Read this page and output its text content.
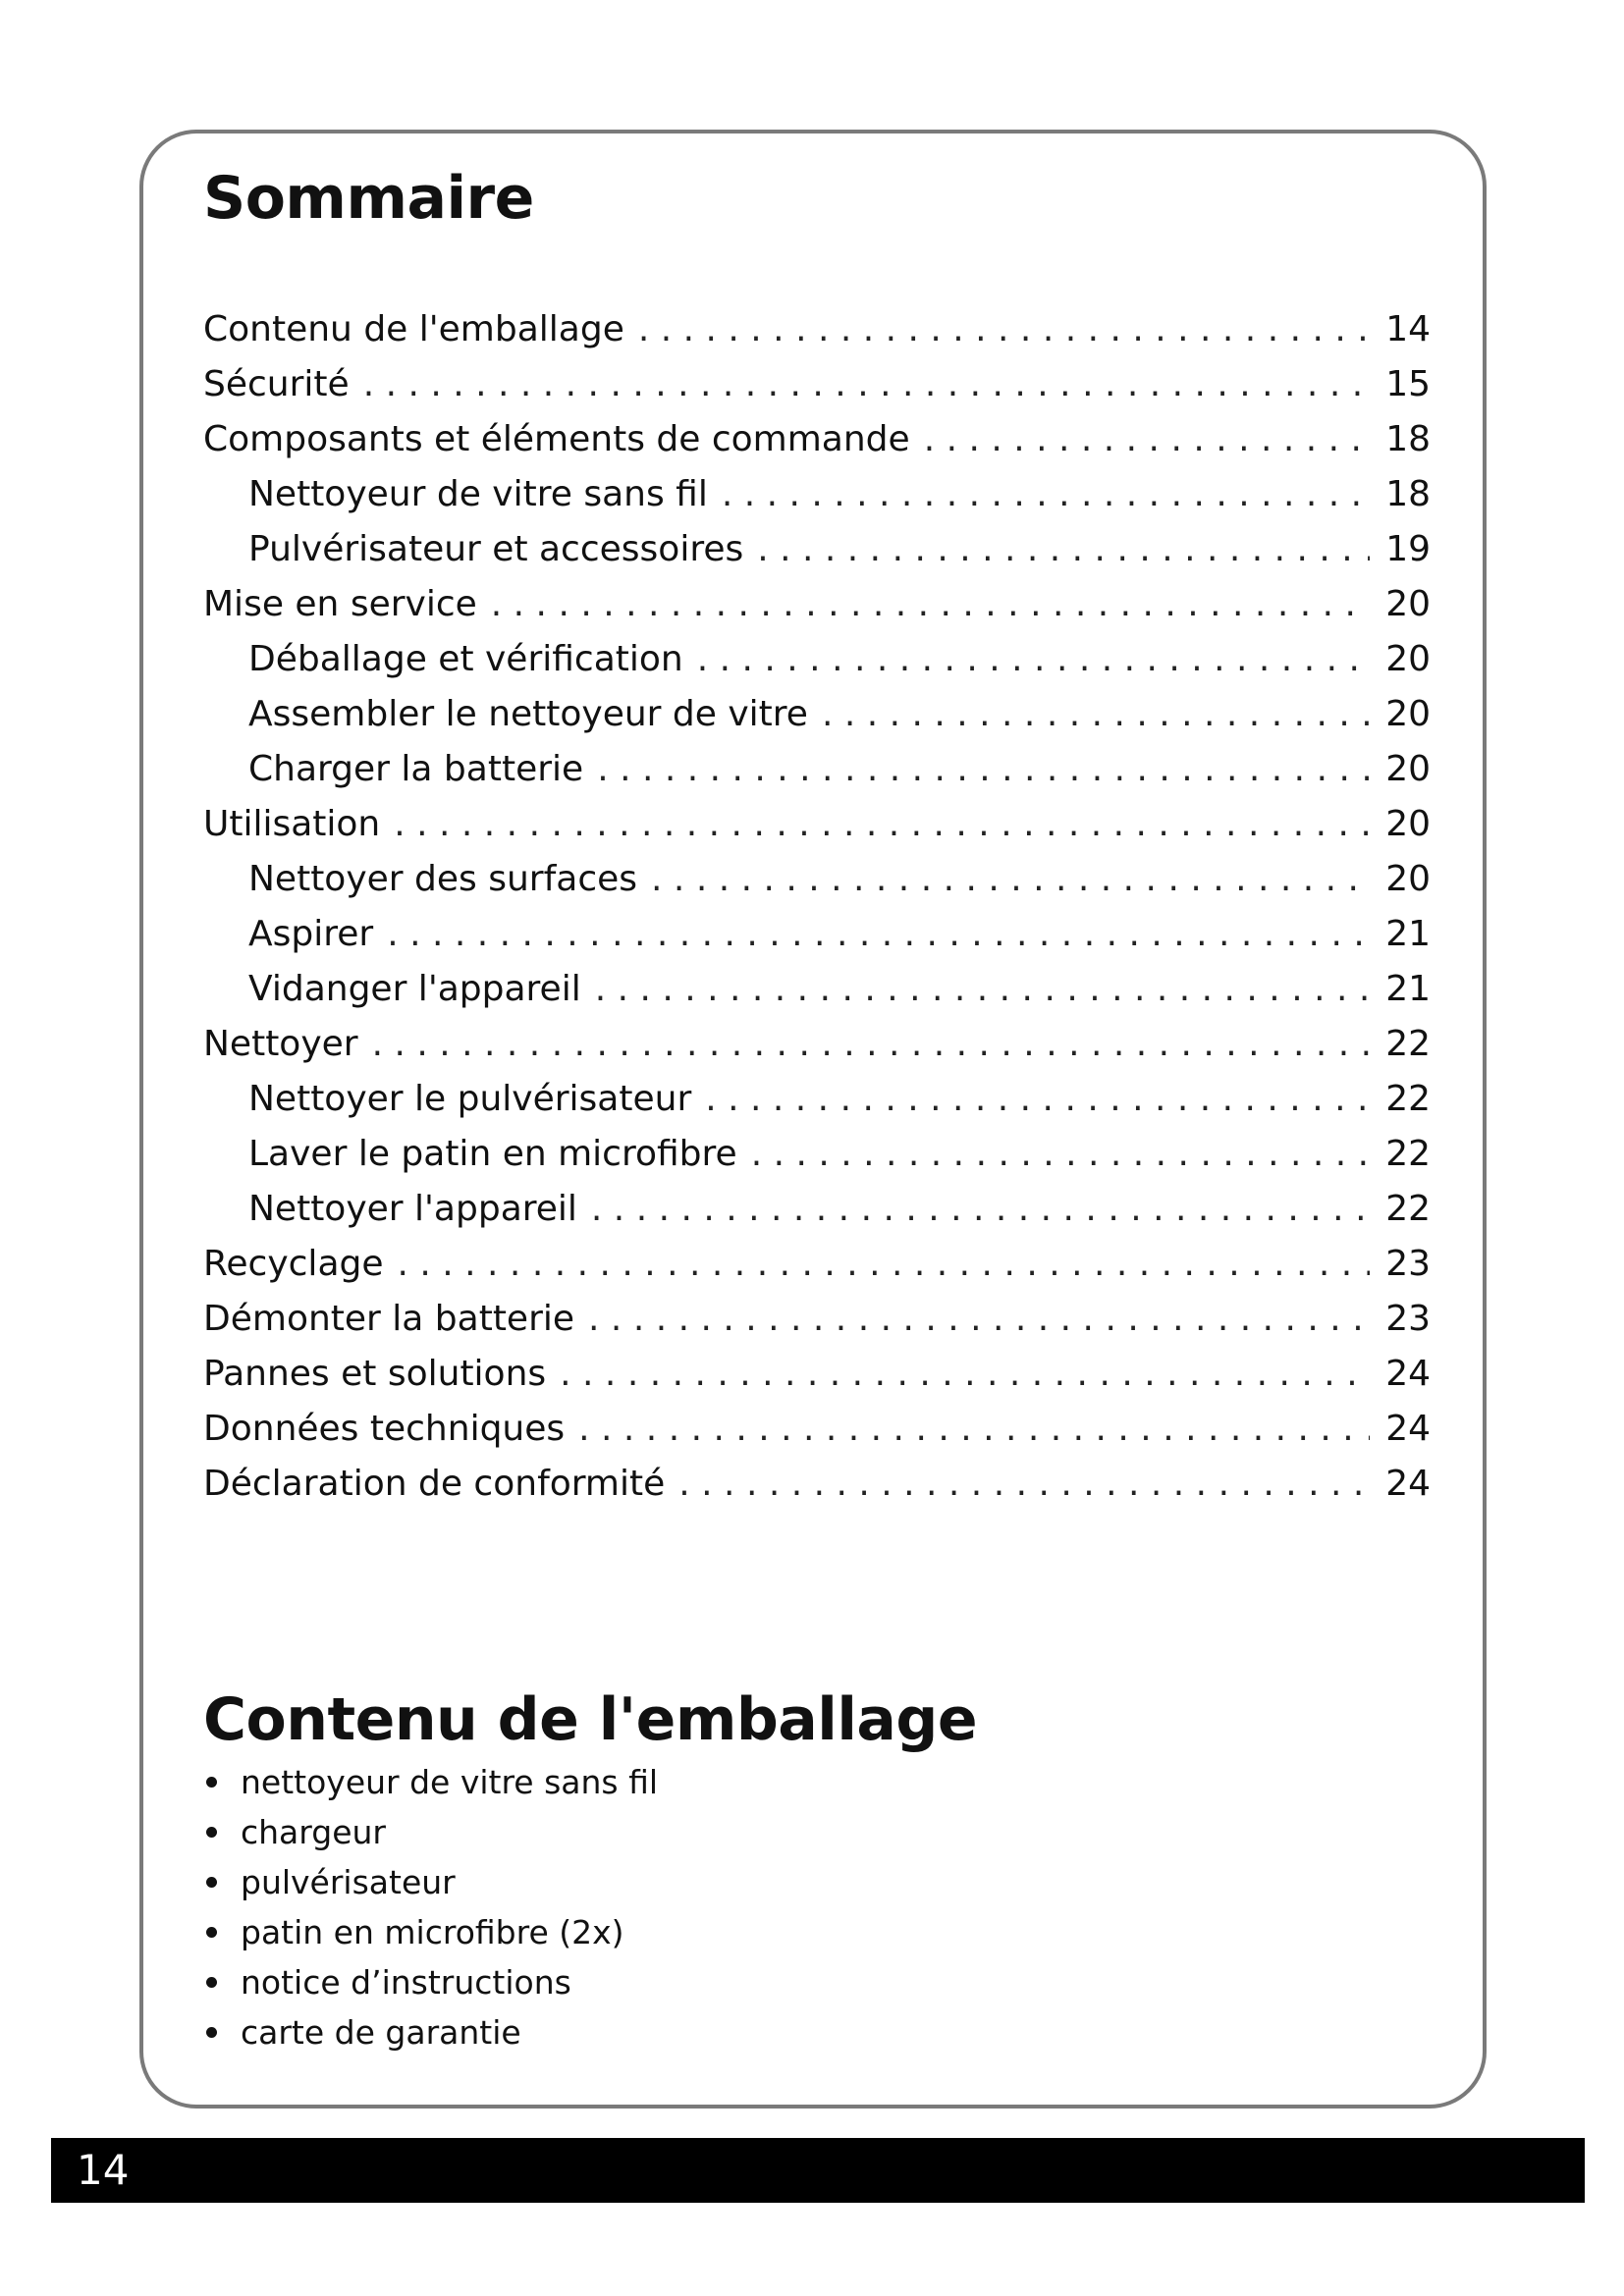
Sommaire
Contenu de l'emballage . . .	14
Sécurité . . .	15
Composants et éléments de commande . . .	18
Nettoyeur de vitre sans fil . . .	18
Pulvérisateur et accessoires . . .	19
Mise en service . . .	20
Déballage et vérification . . .	20
Assembler le nettoyeur de vitre . . .	20
Charger la batterie . . .	20
Utilisation . . .	20
Nettoyer des surfaces . . .	20
Aspirer . . .	21
Vidanger l'appareil . . .	21
Nettoyer . . .	22
Nettoyer le pulvérisateur . . .	22
Laver le patin en microfibre . . .	22
Nettoyer l'appareil . . .	22
Recyclage . . .	23
Démonter la batterie . . .	23
Pannes et solutions . . .	24
Données techniques . . .	24
Déclaration de conformité . . .	24
Contenu de l'emballage
nettoyeur de vitre sans fil
chargeur
pulvérisateur
patin en microfibre (2x)
notice d’instructions
carte de garantie
14
